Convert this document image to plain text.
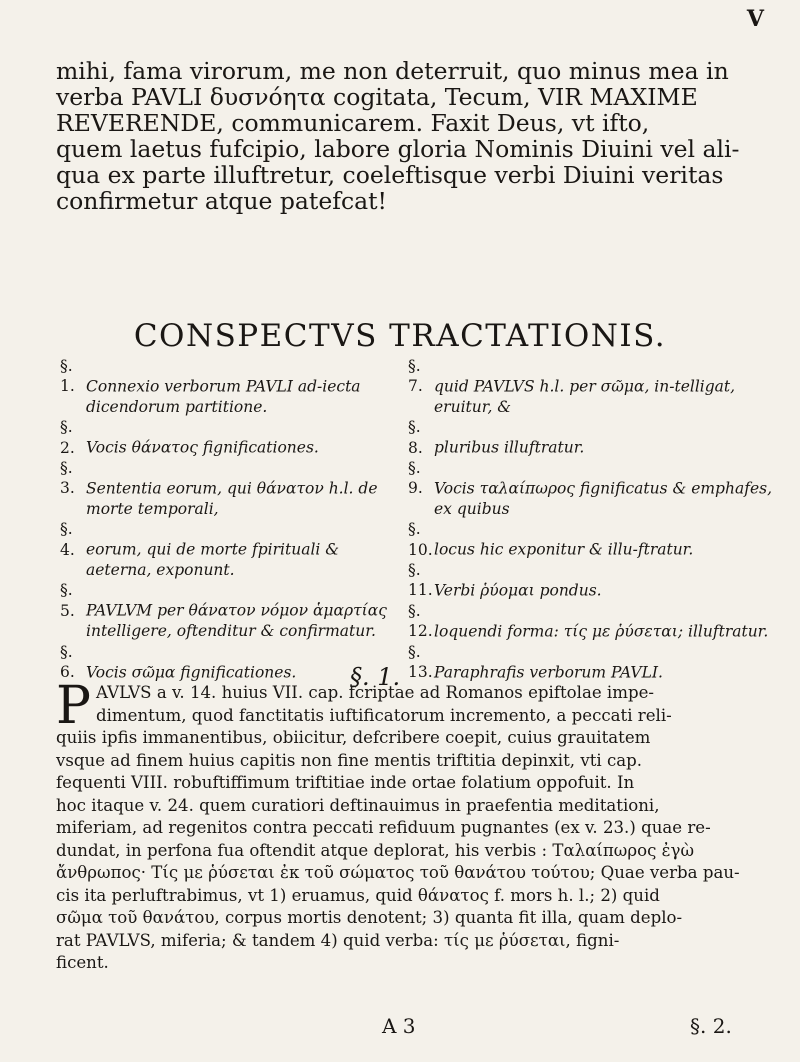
V
mihi, fama virorum, me non deterruit, quo minus mea in
verba PAVLI δυσνόητα cogitata, Tecum, VIR MAXIME
REVERENDE, communicarem. Faxit Deus, vt ifto,
quem laetus fufcipio, labore gloria Nominis Diuini vel ali-
qua ex parte illuftretur, coeleftisque verbi Diuini veritas
confirmetur atque patefcat!
CONSPECTVS TRACTATIONIS.
§. 1. Connexio verborum PAVLI ad-iecta dicendorum partitione.
§. 2. Vocis θάνατος fignificationes.
§. 3. Sententia eorum, qui θάνατον h.l. de morte temporali,
§. 4. eorum, qui de morte fpirituali & aeterna, exponunt.
§. 5. PAVLVM per θάνατον νόμον ἁμαρτίας intelligere, oftenditur & confirmatur.
§. 6. Vocis σῶμα fignificationes.
§. 7. quid PAVLVS h.l. per σῶμα, in-telligat, eruitur, &
§. 8. pluribus illuftratur.
§. 9. Vocis ταλαίπωρος fignificatus & emphafes, ex quibus
§. 10.locus hic exponitur & illu-ftratur.
§. 11.Verbi ῥύομαι pondus.
§. 12.loquendi forma: τίς με ῥύσεται; illuftratur.
§. 13.Paraphrafis verborum PAVLI.
§. 1.
P AVLVS a v. 14. huius VII. cap. fcriptae ad Romanos epiftolae impe-
dimentum, quod fanctitatis iuftificatorum incremento, a peccati reli-
quiis ipfis immanentibus, obiicitur, defcribere coepit, cuius grauitatem
vsque ad finem huius capitis non fine mentis triftitia depinxit, vti cap.
fequenti VIII. robuftiffimum triftitiae inde ortae folatium oppofuit. In
hoc itaque v. 24. quem curatiori deftinauimus in praefentia meditationi,
miferiam, ad regenitos contra peccati refiduum pugnantes (ex v. 23.) quae re-
dundat, in perfona fua oftendit atque deplorat, his verbis : Ταλαίπωρος ἐγὼ
ἄνθρωπος· Τίς με ῥύσεται ἐκ τοῦ σώματος τοῦ θανάτου τούτου; Quae verba pau-
cis ita perluftrabimus, vt 1) eruamus, quid θάνατος f. mors h. l.; 2) quid
σῶμα τοῦ θανάτου, corpus mortis denotent; 3) quanta fit illa, quam deplo-
rat PAVLVS, miferia; & tandem 4) quid verba: τίς με ῥύσεται, figni-
ficent.
A 3	§. 2.
